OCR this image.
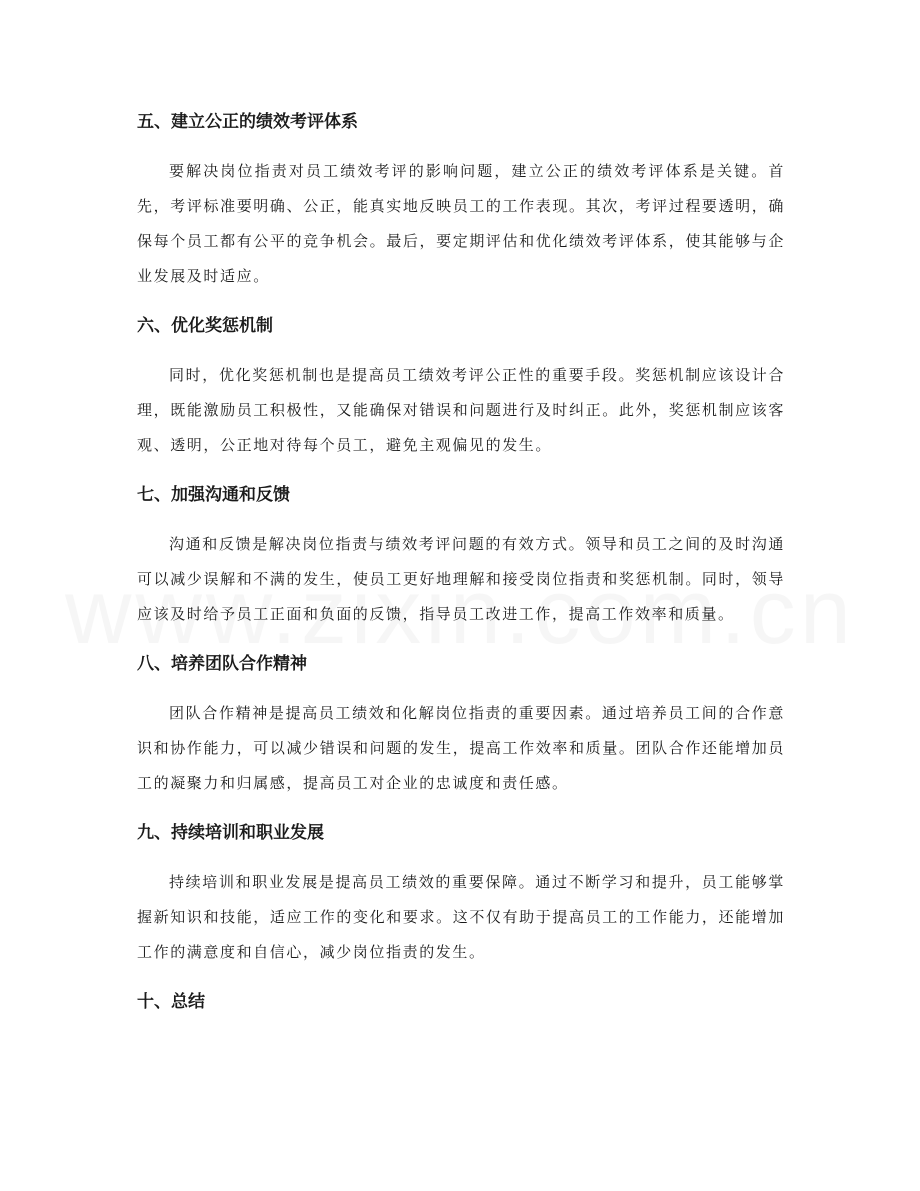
五、建立公正的绩效考评体系

要解决岗位指责对员工绩效考评的影响问题，建立公正的绩效考评体系是关键。首先，考评标准要明确、公正，能真实地反映员工的工作表现。其次，考评过程要透明，确保每个员工都有公平的竞争机会。最后，要定期评估和优化绩效考评体系，使其能够与企业发展及时适应。

六、优化奖惩机制

同时，优化奖惩机制也是提高员工绩效考评公正性的重要手段。奖惩机制应该设计合理，既能激励员工积极性，又能确保对错误和问题进行及时纠正。此外，奖惩机制应该客观、透明，公正地对待每个员工，避免主观偏见的发生。

七、加强沟通和反馈

沟通和反馈是解决岗位指责与绩效考评问题的有效方式。领导和员工之间的及时沟通可以减少误解和不满的发生，使员工更好地理解和接受岗位指责和奖惩机制。同时，领导应该及时给予员工正面和负面的反馈，指导员工改进工作，提高工作效率和质量。

八、培养团队合作精神

团队合作精神是提高员工绩效和化解岗位指责的重要因素。通过培养员工间的合作意识和协作能力，可以减少错误和问题的发生，提高工作效率和质量。团队合作还能增加员工的凝聚力和归属感，提高员工对企业的忠诚度和责任感。

九、持续培训和职业发展

持续培训和职业发展是提高员工绩效的重要保障。通过不断学习和提升，员工能够掌握新知识和技能，适应工作的变化和要求。这不仅有助于提高员工的工作能力，还能增加工作的满意度和自信心，减少岗位指责的发生。

十、总结
